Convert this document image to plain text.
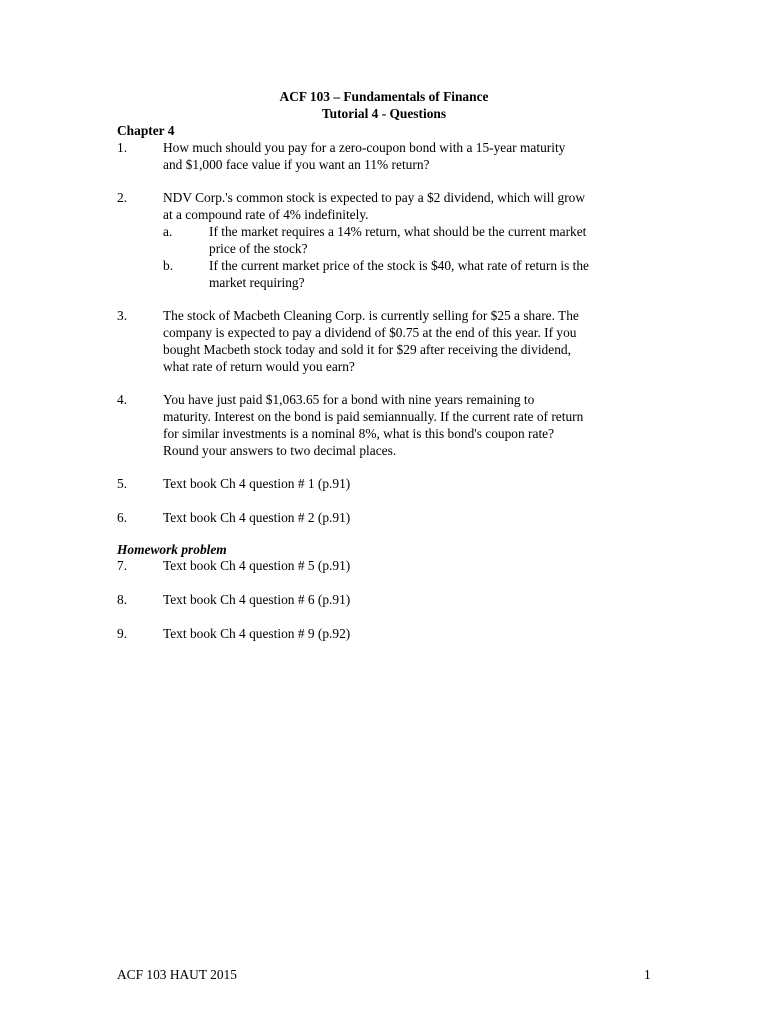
ACF 103 – Fundamentals of Finance
Tutorial 4 - Questions
Chapter 4
1.	How much should you pay for a zero-coupon bond with a 15-year maturity
and $1,000 face value if you want an 11% return?
2.	NDV Corp.'s common stock is expected to pay a $2 dividend, which will grow
at a compound rate of 4% indefinitely.
a.	If the market requires a 14% return, what should be the current market
price of the stock?
b.	If the current market price of the stock is $40, what rate of return is the
market requiring?
3.	The stock of Macbeth Cleaning Corp. is currently selling for $25 a share. The
company is expected to pay a dividend of $0.75 at the end of this year. If you
bought Macbeth stock today and sold it for $29 after receiving the dividend,
what rate of return would you earn?
4.	You have just paid $1,063.65 for a bond with nine years remaining to
maturity. Interest on the bond is paid semiannually. If the current rate of return
for similar investments is a nominal 8%, what is this bond's coupon rate?
Round your answers to two decimal places.
5.	Text book Ch 4 question # 1 (p.91)
6.	Text book Ch 4 question # 2 (p.91)
Homework problem
7.	Text book Ch 4 question # 5 (p.91)
8.	Text book Ch 4 question # 6 (p.91)
9.	Text book Ch 4 question # 9 (p.92)
ACF 103 HAUT 2015	1
